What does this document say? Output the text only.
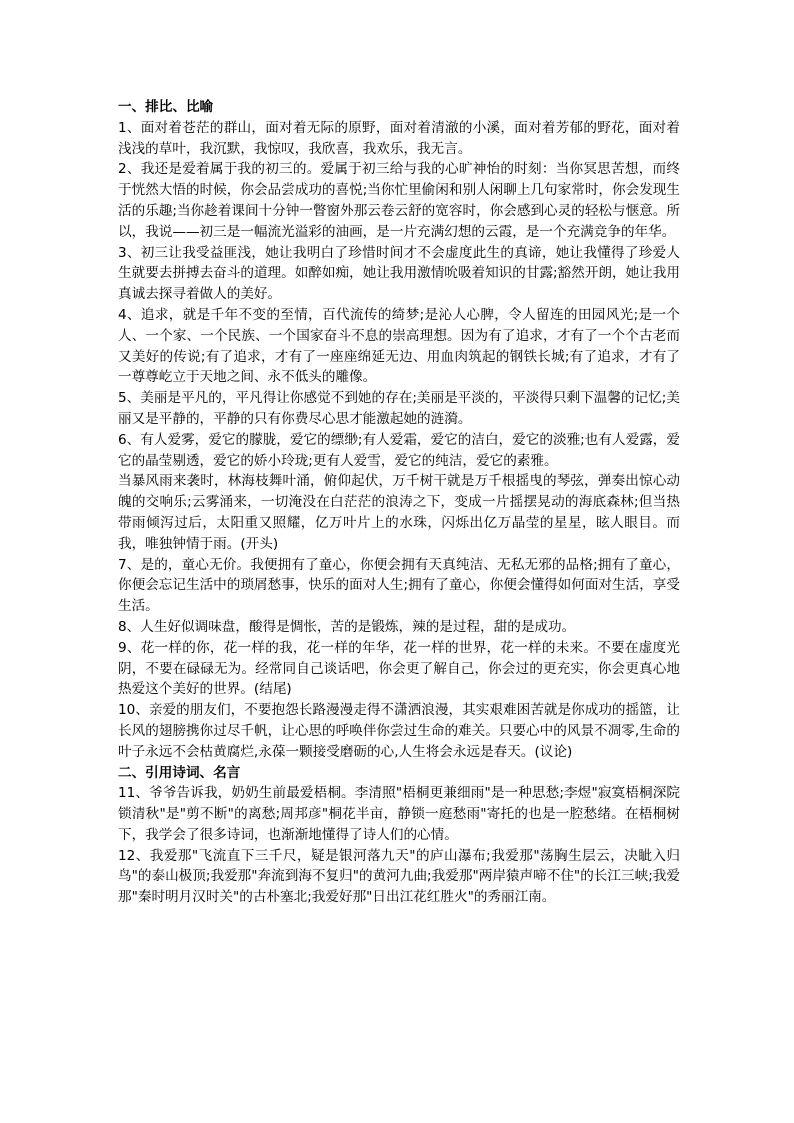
一、排比、比喻

1、面对着苍茫的群山，面对着无际的原野，面对着清澈的小溪，面对着芳郁的野花，面对着浅浅的草叶，我沉默，我惊叹，我欣喜，我欢乐，我无言。

2、我还是爱着属于我的初三的。爱属于初三给与我的心旷神怡的时刻：当你冥思苦想，而终于恍然大悟的时候，你会品尝成功的喜悦;当你忙里偷闲和别人闲聊上几句家常时，你会发现生活的乐趣;当你趁着课间十分钟一瞥窗外那云卷云舒的宽容时，你会感到心灵的轻松与惬意。所以，我说——初三是一幅流光溢彩的油画，是一片充满幻想的云霞，是一个充满竞争的年华。

3、初三让我受益匪浅，她让我明白了珍惜时间才不会虚度此生的真谛，她让我懂得了珍爱人生就要去拼搏去奋斗的道理。如醉如痴，她让我用激情吮吸着知识的甘露;豁然开朗，她让我用真诚去探寻着做人的美好。

4、追求，就是千年不变的至情，百代流传的绮梦;是沁人心脾，令人留连的田园风光;是一个人、一个家、一个民族、一个国家奋斗不息的崇高理想。因为有了追求，才有了一个个古老而又美好的传说;有了追求，才有了一座座绵延无边、用血肉筑起的钢铁长城;有了追求，才有了一尊尊屹立于天地之间、永不低头的雕像。

5、美丽是平凡的，平凡得让你感觉不到她的存在;美丽是平淡的，平淡得只剩下温馨的记忆;美丽又是平静的，平静的只有你费尽心思才能激起她的涟漪。

6、有人爱雾，爱它的朦胧，爱它的缥缈;有人爱霜，爱它的洁白，爱它的淡雅;也有人爱露，爱它的晶莹剔透，爱它的娇小玲珑;更有人爱雪，爱它的纯洁，爱它的素雅。

当暴风雨来袭时，林海枝舞叶涌，俯仰起伏，万千树干就是万千根摇曳的琴弦，弹奏出惊心动魄的交响乐;云雾涌来，一切淹没在白茫茫的浪涛之下，变成一片摇摆晃动的海底森林;但当热带雨倾泻过后，太阳重又照耀，亿万叶片上的水珠，闪烁出亿万晶莹的星星，眩人眼目。而我，唯独钟情于雨。(开头)

7、是的，童心无价。我便拥有了童心，你便会拥有天真纯洁、无私无邪的品格;拥有了童心，你便会忘记生活中的琐屑愁事，快乐的面对人生;拥有了童心，你便会懂得如何面对生活，享受生活。

8、人生好似调味盘，酸得是惆怅，苦的是锻炼，辣的是过程，甜的是成功。

9、花一样的你，花一样的我，花一样的年华，花一样的世界，花一样的未来。不要在虚度光阴，不要在碌碌无为。经常同自己谈话吧，你会更了解自己，你会过的更充实，你会更真心地热爱这个美好的世界。(结尾)

10、亲爱的朋友们，不要抱怨长路漫漫走得不潇洒浪漫，其实艰难困苦就是你成功的摇篮，让长风的翅膀携你过尽千帆，让心思的呼唤伴你尝过生命的难关。只要心中的风景不凋零,生命的叶子永远不会枯黄腐烂,永葆一颗接受磨砺的心,人生将会永远是春天。(议论)

二、引用诗词、名言

11、爷爷告诉我，奶奶生前最爱梧桐。李清照"梧桐更兼细雨"是一种思愁;李煜"寂寞梧桐深院锁清秋"是"剪不断"的离愁;周邦彦"桐花半亩，静锁一庭愁雨"寄托的也是一腔愁绪。在梧桐树下，我学会了很多诗词，也渐渐地懂得了诗人们的心情。

12、我爱那"飞流直下三千尺，疑是银河落九天"的庐山瀑布;我爱那"荡胸生层云，决眦入归鸟"的泰山极顶;我爱那"奔流到海不复归"的黄河九曲;我爱那"两岸猿声啼不住"的长江三峡;我爱那"秦时明月汉时关"的古朴塞北;我爱好那"日出江花红胜火"的秀丽江南。
